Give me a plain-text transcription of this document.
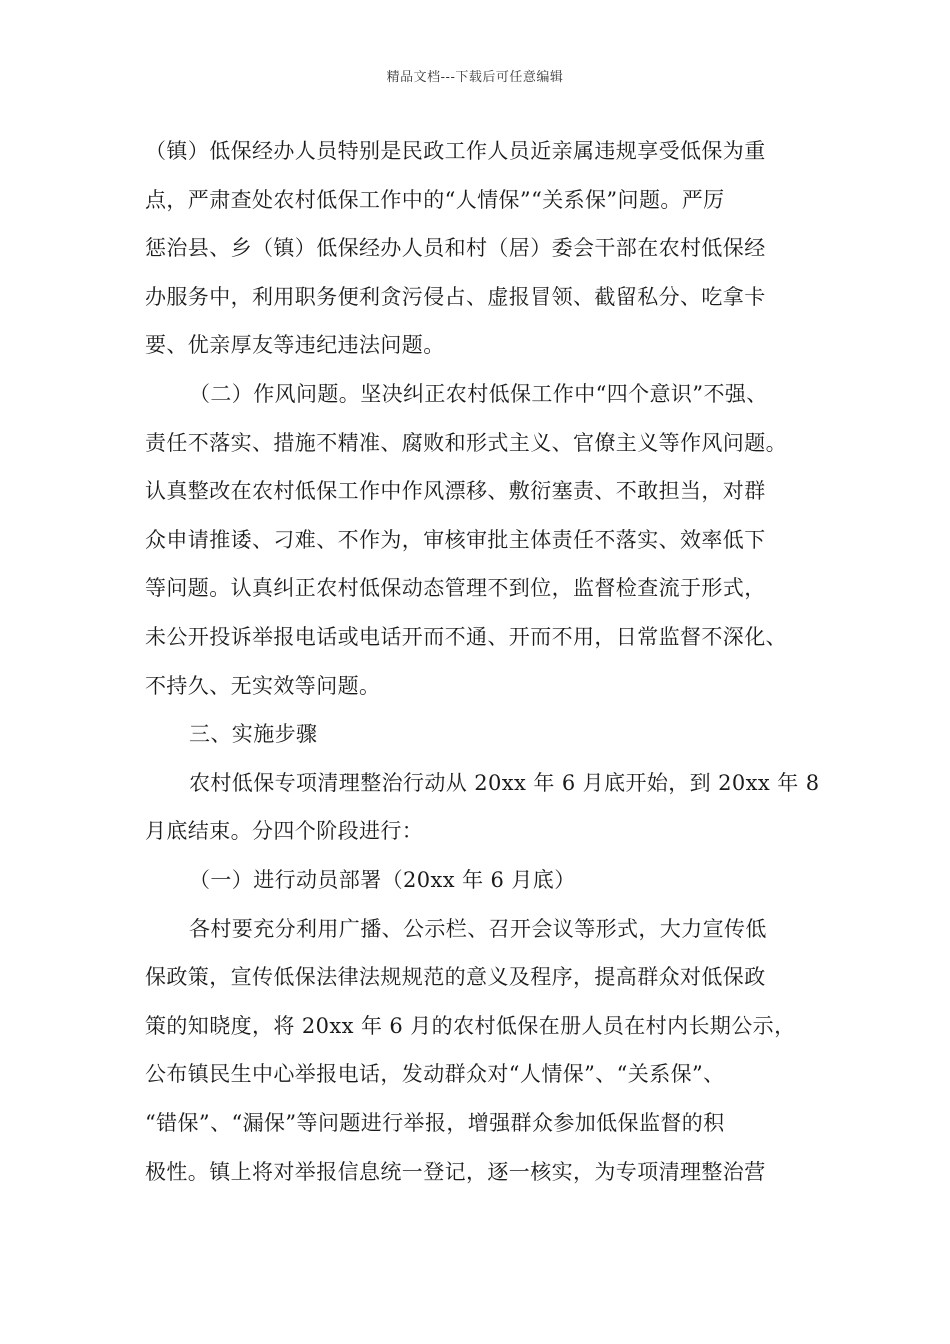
精品文档---下载后可任意编辑
（镇）低保经办人员特别是民政工作人员近亲属违规享受低保为重
点，严肃查处农村低保工作中的“人情保”“关系保”问题。严厉
惩治县、乡（镇）低保经办人员和村（居）委会干部在农村低保经
办服务中，利用职务便利贪污侵占、虚报冒领、截留私分、吃拿卡
要、优亲厚友等违纪违法问题。
（二）作风问题。坚决纠正农村低保工作中“四个意识”不强、
责任不落实、措施不精准、腐败和形式主义、官僚主义等作风问题。
认真整改在农村低保工作中作风漂移、敷衍塞责、不敢担当，对群
众申请推诿、刁难、不作为，审核审批主体责任不落实、效率低下
等问题。认真纠正农村低保动态管理不到位，监督检查流于形式，
未公开投诉举报电话或电话开而不通、开而不用，日常监督不深化、
不持久、无实效等问题。
三、实施步骤
农村低保专项清理整治行动从 20xx 年 6 月底开始，到 20xx 年 8
月底结束。分四个阶段进行：
（一）进行动员部署（20xx 年 6 月底）
各村要充分利用广播、公示栏、召开会议等形式，大力宣传低
保政策，宣传低保法律法规规范的意义及程序，提高群众对低保政
策的知晓度，将 20xx 年 6 月的农村低保在册人员在村内长期公示，
公布镇民生中心举报电话，发动群众对“人情保”、“关系保”、
“错保”、“漏保”等问题进行举报，增强群众参加低保监督的积
极性。镇上将对举报信息统一登记，逐一核实，为专项清理整治营
